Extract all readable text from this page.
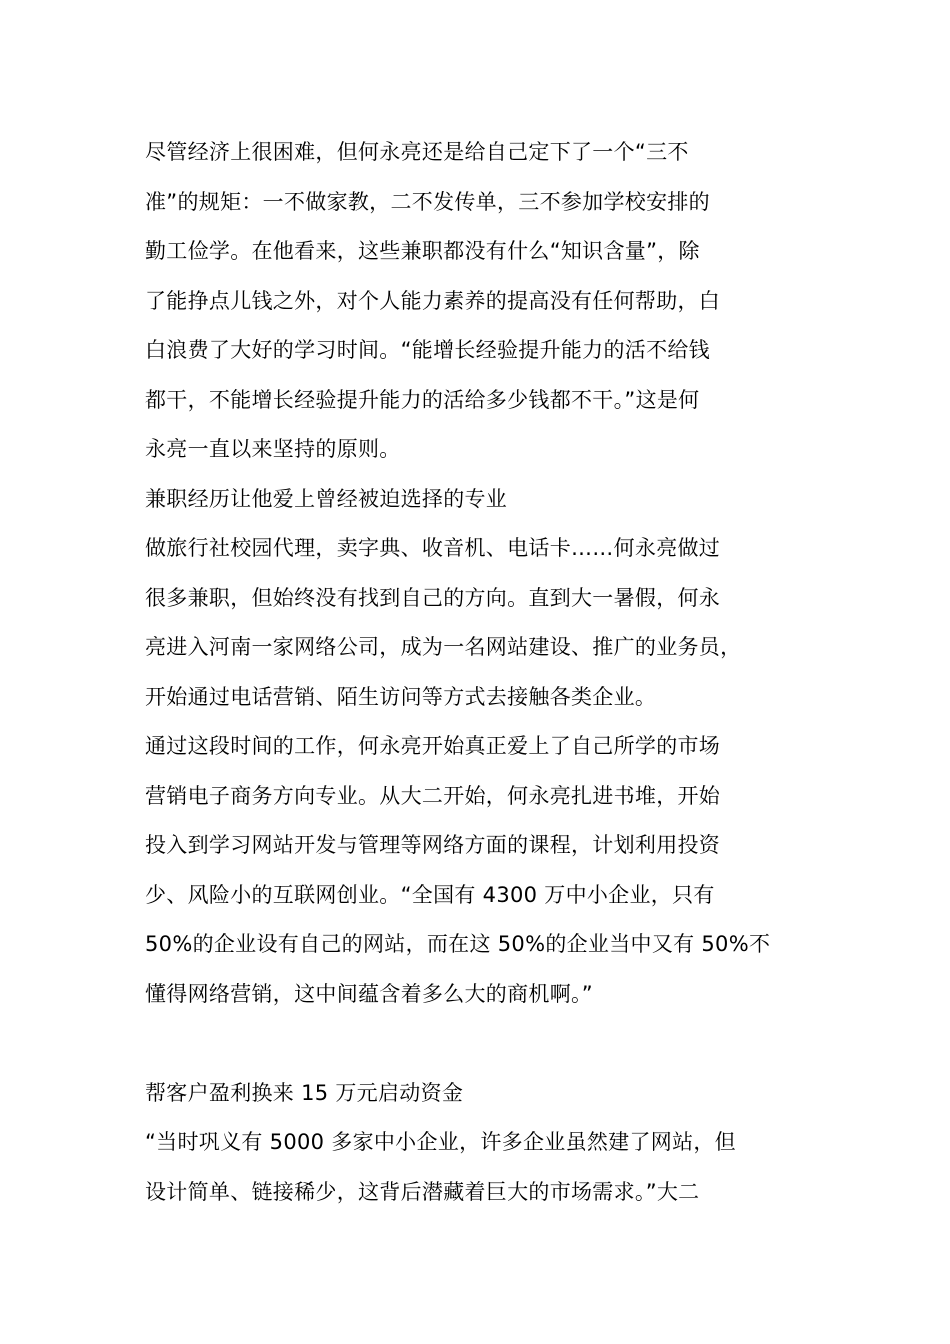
尽管经济上很困难，但何永亮还是给自己定下了一个“三不
准”的规矩：一不做家教，二不发传单，三不参加学校安排的
勤工俭学。在他看来，这些兼职都没有什么“知识含量”，除
了能挣点儿钱之外，对个人能力素养的提高没有任何帮助，白
白浪费了大好的学习时间。“能增长经验提升能力的活不给钱
都干，不能增长经验提升能力的活给多少钱都不干。”这是何
永亮一直以来坚持的原则。

兼职经历让他爱上曾经被迫选择的专业

做旅行社校园代理，卖字典、收音机、电话卡……何永亮做过
很多兼职，但始终没有找到自己的方向。直到大一暑假，何永
亮进入河南一家网络公司，成为一名网站建设、推广的业务员，
开始通过电话营销、陌生访问等方式去接触各类企业。

通过这段时间的工作，何永亮开始真正爱上了自己所学的市场
营销电子商务方向专业。从大二开始，何永亮扎进书堆，开始
投入到学习网站开发与管理等网络方面的课程，计划利用投资
少、风险小的互联网创业。“全国有 4300 万中小企业，只有
50%的企业设有自己的网站，而在这 50%的企业当中又有 50%不
懂得网络营销，这中间蕴含着多么大的商机啊。”

帮客户盈利换来 15 万元启动资金

“当时巩义有 5000 多家中小企业，许多企业虽然建了网站，但
设计简单、链接稀少，这背后潜藏着巨大的市场需求。”大二
